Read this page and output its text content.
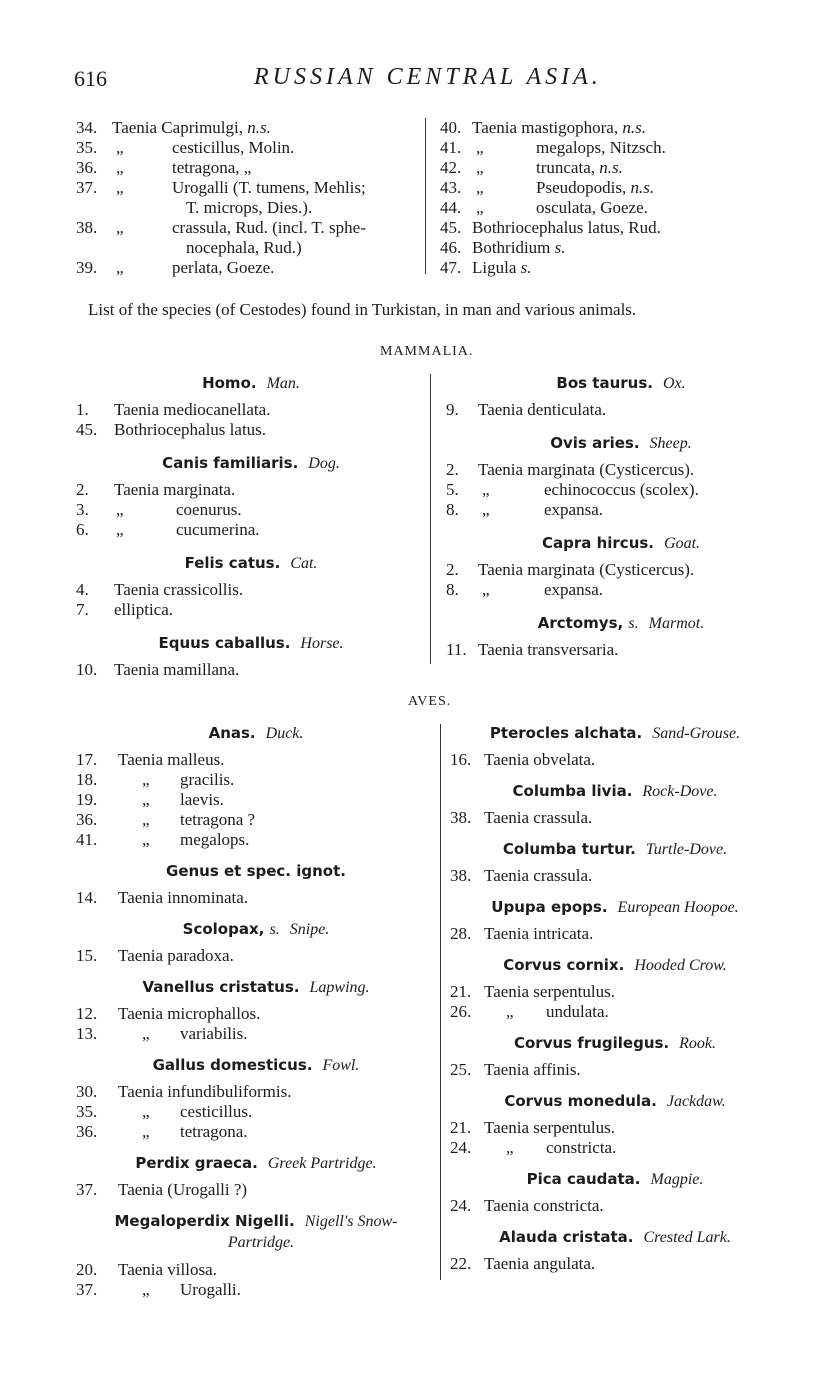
616	RUSSIAN CENTRAL ASIA.
34. Taenia Caprimulgi, n.s.
35. „	cesticillus, Molin.
36. „	tetragona, „
37. „	Urogalli (T. tumens, Mehlis;
T. microps, Dies.).
38. „	crassula, Rud. (incl. T. sphe-
nocephala, Rud.)
39. „	perlata, Goeze.
40. Taenia mastigophora, n.s.
41. „	megalops, Nitzsch.
42. „	truncata, n.s.
43. „	Pseudopodis, n.s.
44. „	osculata, Goeze.
45. Bothriocephalus latus, Rud.
46. Bothridium s.
47. Ligula s.
List of the species (of Cestodes) found in Turkistan, in man and various animals.
MAMMALIA.
Homo. Man.
1. Taenia mediocanellata.
45. Bothriocephalus latus.
Canis familiaris. Dog.
2. Taenia marginata.
3. „	coenurus.
6. „	cucumerina.
Felis catus. Cat.
4. Taenia crassicollis.
7. elliptica.
Equus caballus. Horse.
10. Taenia mamillana.
Bos taurus. Ox.
9. Taenia denticulata.
Ovis aries. Sheep.
2. Taenia marginata (Cysticercus).
5. „	echinococcus (scolex).
8. „	expansa.
Capra hircus. Goat.
2. Taenia marginata (Cysticercus).
8. „	expansa.
Arctomys, s. Marmot.
11. Taenia transversaria.
AVES.
Anas. Duck.
17. Taenia malleus.
18.	„ gracilis.
19.	„ laevis.
36.	„ tetragona ?
41.	„ megalops.
Genus et spec. ignot.
14. Taenia innominata.
Scolopax, s. Snipe.
15. Taenia paradoxa.
Vanellus cristatus. Lapwing.
12. Taenia microphallos.
13.	„ variabilis.
Gallus domesticus. Fowl.
30. Taenia infundibuliformis.
35.	„ cesticillus.
36.	„ tetragona.
Perdix graeca. Greek Partridge.
37. Taenia (Urogalli ?)
Megaloperdix Nigelli. Nigell's Snow-
Partridge.
20. Taenia villosa.
37.	„ Urogalli.
Pterocles alchata. Sand-Grouse.
16. Taenia obvelata.
Columba livia. Rock-Dove.
38. Taenia crassula.
Columba turtur. Turtle-Dove.
38. Taenia crassula.
Upupa epops. European Hoopoe.
28. Taenia intricata.
Corvus cornix. Hooded Crow.
21. Taenia serpentulus.
26. „ undulata.
Corvus frugilegus. Rook.
25. Taenia affinis.
Corvus monedula. Jackdaw.
21. Taenia serpentulus.
24. „ constricta.
Pica caudata. Magpie.
24. Taenia constricta.
Alauda cristata. Crested Lark.
22. Taenia angulata.
